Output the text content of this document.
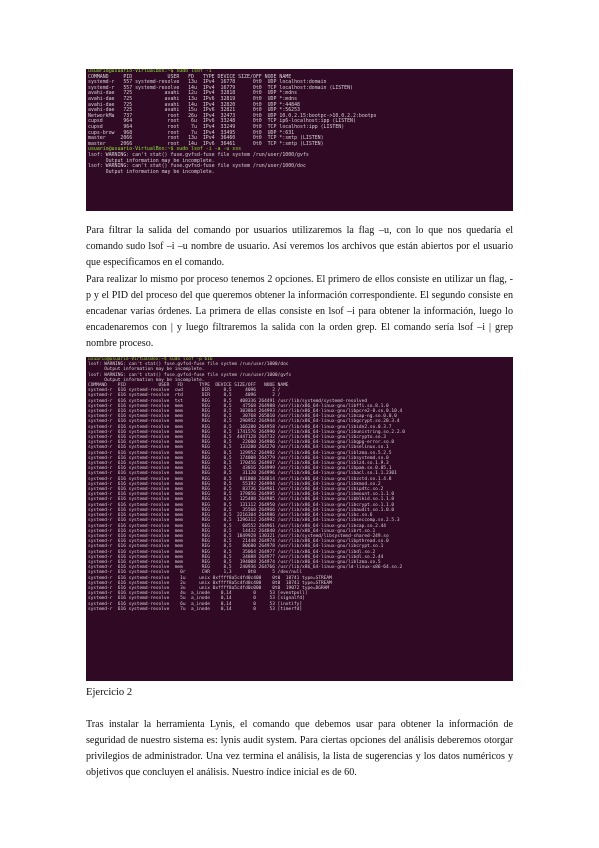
usuario@usuario-VirtualBox:~$ sudo lsof -i
COMMAND     PID            USER   FD   TYPE DEVICE SIZE/OFF NODE NAME
systemd-r   557 systemd-resolve   13u  IPv4  16778      0t0  UDP localhost:domain
systemd-r   557 systemd-resolve   14u  IPv4  16779      0t0  TCP localhost:domain (LISTEN)
avahi-dae   725           avahi   12u  IPv4  32818      0t0  UDP *:mdns
avahi-dae   725           avahi   13u  IPv6  32819      0t0  UDP *:mdns
avahi-dae   725           avahi   14u  IPv4  32820      0t0  UDP *:44848
avahi-dae   725           avahi   15u  IPv6  32821      0t0  UDP *:56253
NetworkMa   737            root   26u  IPv4  32473      0t0  UDP 10.0.2.15:bootpc->10.0.2.2:bootps
cupsd       964            root    6u  IPv6  33248      0t0  TCP ip6-localhost:ipp (LISTEN)
cupsd       964            root    7u  IPv4  33249      0t0  TCP localhost:ipp (LISTEN)
cups-brow   968            root    7u  IPv4  33495      0t0  UDP *:631
master     2066            root   13u  IPv4  36460      0t0  TCP *:smtp (LISTEN)
master     2066            root   14u  IPv6  36461      0t0  TCP *:smtp (LISTEN)
usuario@usuario-VirtualBox:~$ sudo lsof -i -a -u sss
lsof: WARNING: can't stat() fuse.gvfsd-fuse file system /run/user/1000/gvfs
Output information may be incomplete.
lsof: WARNING: can't stat() fuse.gvfsd-fuse file system /run/user/1000/doc
Output information may be incomplete.

Para filtrar la salida del comando por usuarios utilizaremos la flag –u, con lo que nos quedaría el comando sudo lsof –i –u nombre de usuario. Así veremos los archivos que están abiertos por el usuario que especificamos en el comando.

Para realizar lo mismo por proceso tenemos 2 opciones. El primero de ellos consiste en utilizar un flag, -p y el PID del proceso del que queremos obtener la información correspondiente. El segundo consiste en encadenar varias órdenes. La primera de ellas consiste en lsof –i para obtener la información, luego lo encadenaremos con | y luego filtraremos la salida con la orden grep. El comando sería lsof –i | grep nombre proceso.

usuario@usuario-VirtualBox:~$ sudo lsof -p 616
lsof: WARNING: can't stat() fuse.gvfsd-fuse file system /run/user/1000/doc
Output information may be incomplete.
lsof: WARNING: can't stat() fuse.gvfsd-fuse file system /run/user/1000/gvfs
Output information may be incomplete.
COMMAND    PID            USER   FD      TYPE  DEVICE SIZE/OFF   NODE NAME
systemd-r  616 systemd-resolve  cwd       DIR     8,5     4096      2 /
systemd-r  616 systemd-resolve  rtd       DIR     8,5     4096      2 /
systemd-r  616 systemd-resolve  txt       REG     8,5   408336 264491 /usr/lib/systemd/systemd-resolved
systemd-r  616 systemd-resolve  mem       REG     8,5    47568 264988 /usr/lib/x86_64-linux-gnu/libffi.so.8.1.0
systemd-r  616 systemd-resolve  mem       REG     8,5   303864 264993 /usr/lib/x86_64-linux-gnu/libpcre2-8.so.0.10.4
systemd-r  616 systemd-resolve  mem       REG     8,5    30768 265010 /usr/lib/x86_64-linux-gnu/libcap-ng.so.0.0.0
systemd-r  616 systemd-resolve  mem       REG     8,5   290952 264944 /usr/lib/x86_64-linux-gnu/libgcrypt.so.20.3.4
systemd-r  616 systemd-resolve  mem       REG     8,5   166280 264958 /usr/lib/x86_64-linux-gnu/libidn2.so.0.3.7
systemd-r  616 systemd-resolve  mem       REG     8,5  1741576 264990 /usr/lib/x86_64-linux-gnu/libunistring.so.2.2.0
systemd-r  616 systemd-resolve  mem       REG     8,5  4447128 264732 /usr/lib/x86_64-linux-gnu/libcrypto.so.3
systemd-r  616 systemd-resolve  mem       REG     8,5    22600 264986 /usr/lib/x86_64-linux-gnu/libgpg-error.so.0
systemd-r  616 systemd-resolve  mem       REG     8,5   133200 264270 /usr/lib/x86_64-linux-gnu/libselinux.so.1
systemd-r  616 systemd-resolve  mem       REG     8,5   129952 264982 /usr/lib/x86_64-linux-gnu/liblzma.so.5.2.5
systemd-r  616 systemd-resolve  mem       REG     8,5   174808 264779 /usr/lib/x86_64-linux-gnu/libsystemd.so.0
systemd-r  616 systemd-resolve  mem       REG     8,5   170456 264987 /usr/lib/x86_64-linux-gnu/liblz4.so.1.9.3
systemd-r  616 systemd-resolve  mem       REG     8,5    43016 264999 /usr/lib/x86_64-linux-gnu/libpam.so.0.85.1
systemd-r  616 systemd-resolve  mem       REG     8,5    31120 264996 /usr/lib/x86_64-linux-gnu/libacl.so.1.1.2301
systemd-r  616 systemd-resolve  mem       REG     8,5   841808 264814 /usr/lib/x86_64-linux-gnu/libzstd.so.1.4.8
systemd-r  616 systemd-resolve  mem       REG     8,5    55192 264994 /usr/lib/x86_64-linux-gnu/libkmod.so.2
systemd-r  616 systemd-resolve  mem       REG     8,5    83736 264961 /usr/lib/x86_64-linux-gnu/libip4tc.so.2
systemd-r  616 systemd-resolve  mem       REG     8,5   379856 264995 /usr/lib/x86_64-linux-gnu/libmount.so.1.1.0
systemd-r  616 systemd-resolve  mem       REG     8,5   125488 264985 /usr/lib/x86_64-linux-gnu/libblkid.so.1.1.0
systemd-r  616 systemd-resolve  mem       REG     8,5   131112 264950 /usr/lib/x86_64-linux-gnu/libcrypt.so.1.1.0
systemd-r  616 systemd-resolve  mem       REG     8,5    35560 264966 /usr/lib/x86_64-linux-gnu/libaudit.so.1.0.0
systemd-r  616 systemd-resolve  mem       REG     8,5  2216304 264986 /usr/lib/x86_64-linux-gnu/libc.so.6
systemd-r  616 systemd-resolve  mem       REG     8,5  1296312 264992 /usr/lib/x86_64-linux-gnu/libseccomp.so.2.5.3
systemd-r  616 systemd-resolve  mem       REG     8,5    68552 264961 /usr/lib/x86_64-linux-gnu/libcap.so.2.44
systemd-r  616 systemd-resolve  mem       REG     8,5    14432 264840 /usr/lib/x86_64-linux-gnu/librt.so.1
systemd-r  616 systemd-resolve  mem       REG     8,5  1849928 130321 /usr/lib/systemd/libsystemd-shared-249.so
systemd-r  616 systemd-resolve  mem       REG     8,5    21448 264974 /usr/lib/x86_64-linux-gnu/libpthread.so.0
systemd-r  616 systemd-resolve  mem       REG     8,5    80680 264978 /usr/lib/x86_64-linux-gnu/libcrypt.so.1
systemd-r  616 systemd-resolve  mem       REG     8,5    35064 264977 /usr/lib/x86_64-linux-gnu/libdl.so.2
systemd-r  616 systemd-resolve  mem       REG     8,5    34888 264977 /usr/lib/x86_64-linux-gnu/libdl.so.2.44
systemd-r  616 systemd-resolve  mem       REG     8,5   194008 264974 /usr/lib/x86_64-linux-gnu/liblzma.so.5
systemd-r  616 systemd-resolve  mem       REG     8,5   240936 264766 /usr/lib/x86_64-linux-gnu/ld-linux-x86-64.so.2
systemd-r  616 systemd-resolve    0r      CHR     1,3      0t0      5 /dev/null
systemd-r  616 systemd-resolve    1u     unix 0xffff8a5c4fd0c400    0t0  18741 type=STREAM
systemd-r  616 systemd-resolve    2u     unix 0xffff8a5c4fd0c400    0t0  18741 type=STREAM
systemd-r  616 systemd-resolve    3u     unix 0xffff8a5c4fd0c000    0t0  19072 type=DGRAM
systemd-r  616 systemd-resolve    4u  a_inode    0,14        0     53 [eventpoll]
systemd-r  616 systemd-resolve    5u  a_inode    0,14        0     53 [signalfd]
systemd-r  616 systemd-resolve    6u  a_inode    0,14        0     53 [inotify]
systemd-r  616 systemd-resolve    7u  a_inode    0,14        0     53 [timerfd]

Ejercicio 2

Tras instalar la herramienta Lynis, el comando que debemos usar para obtener la información de seguridad de nuestro sistema es: lynis audit system. Para ciertas opciones del análisis deberemos otorgar privilegios de administrador. Una vez termina el análisis, la lista de sugerencias y los datos numéricos y objetivos que concluyen el análisis. Nuestro índice inicial es de 60.
